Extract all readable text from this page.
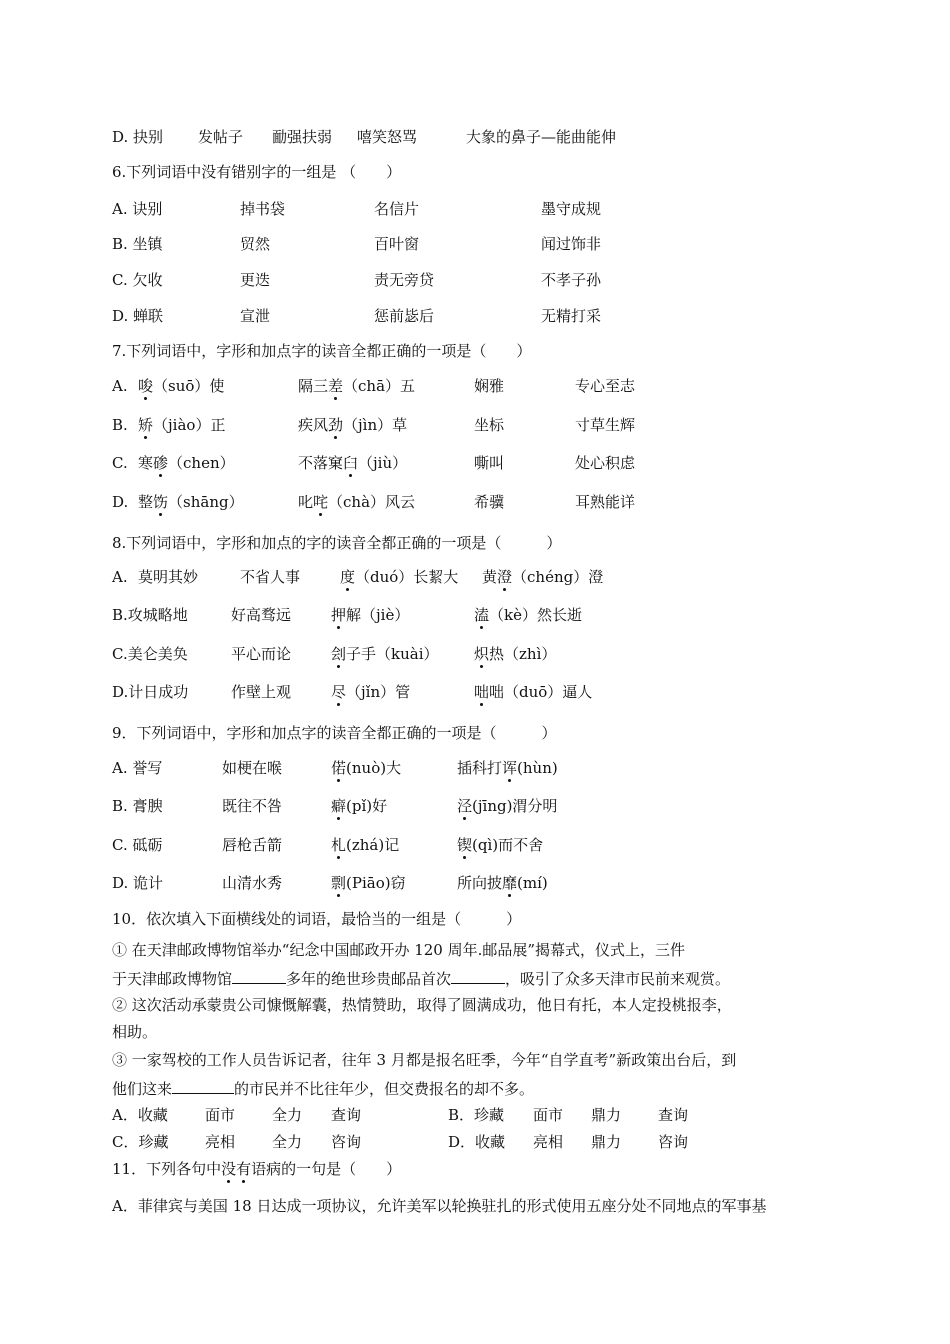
D. 抉别 发帖子 勔强扶弱 嘻笑怒骂	大象的鼻子—能曲能伸
6.下列词语中没有错别字的一组是 （　　）
A. 诀别	掉书袋	名信片	墨守成规
B. 坐镇	贸然	百叶窗	闻过饰非
C. 欠收	更迭	责无旁贷	不孝子孙
D. 蝉联	宣泄	惩前毖后	无精打采
7.下列词语中，字形和加点字的读音全都正确的一项是（　　）
A. 唆（suō）使	隔三差（chā）五	娴雅	专心至志
B. 矫（jiào）正	疾风劲（jìn）草	坐标	寸草生辉
C. 寒碜（chen）	不落窠臼（jiù）	嘶叫	处心积虑
D. 整饬（shāng）	叱咤（chà）风云	希骥	耳熟能详
8.下列词语中，字形和加点的字的读音全都正确的一项是（　　　）
A. 莫明其妙	不省人事	度（duó）长絜大 黄澄（chéng）澄
B.攻城略地	好高骛远	押解（jiè）	溘（kè）然长逝
C.美仑美奂	平心而论	刽子手（kuài） 炽热（zhì）
D.计日成功	作壁上观	尽（jǐn）管	咄咄（duō）逼人
9．下列词语中，字形和加点字的读音全都正确的一项是（　　　）
A. 誉写	如梗在喉	偌(nuò)大	插科打诨(hùn)
B. 膏腴	既往不咎	癖(pǐ)好	泾(jīng)渭分明
C. 砥砺	唇枪舌箭	札(zhá)记	锲(qì)而不舍
D. 诡计	山清水秀	剽(Piāo)窃	所向披靡(mí)
10．依次填入下面横线处的词语，最恰当的一组是（　　　）
① 在天津邮政博物馆举办“纪念中国邮政开办 120 周年.邮品展”揭幕式，仪式上，三件
于天津邮政博物馆	多年的绝世珍贵邮品首次	，吸引了众多天津市民前来观赏。
② 这次活动承蒙贵公司慷慨解囊，热情赞助，取得了圆满成功，他日有托，本人定投桃报李，
相助。
③ 一家驾校的工作人员告诉记者，往年 3 月都是报名旺季，今年“自学直考”新政策出台后，到
他们这来	的市民并不比往年少，但交费报名的却不多。
A．收藏 面市 全力 查询	B．珍藏 面市 鼎力 查询
C．珍藏 亮相 全力 咨询	D．收藏 亮相 鼎力 咨询
11．下列各句中没有语病的一句是（　　）
A．菲律宾与美国 18 日达成一项协议，允许美军以轮换驻扎的形式使用五座分处不同地点的军事基
